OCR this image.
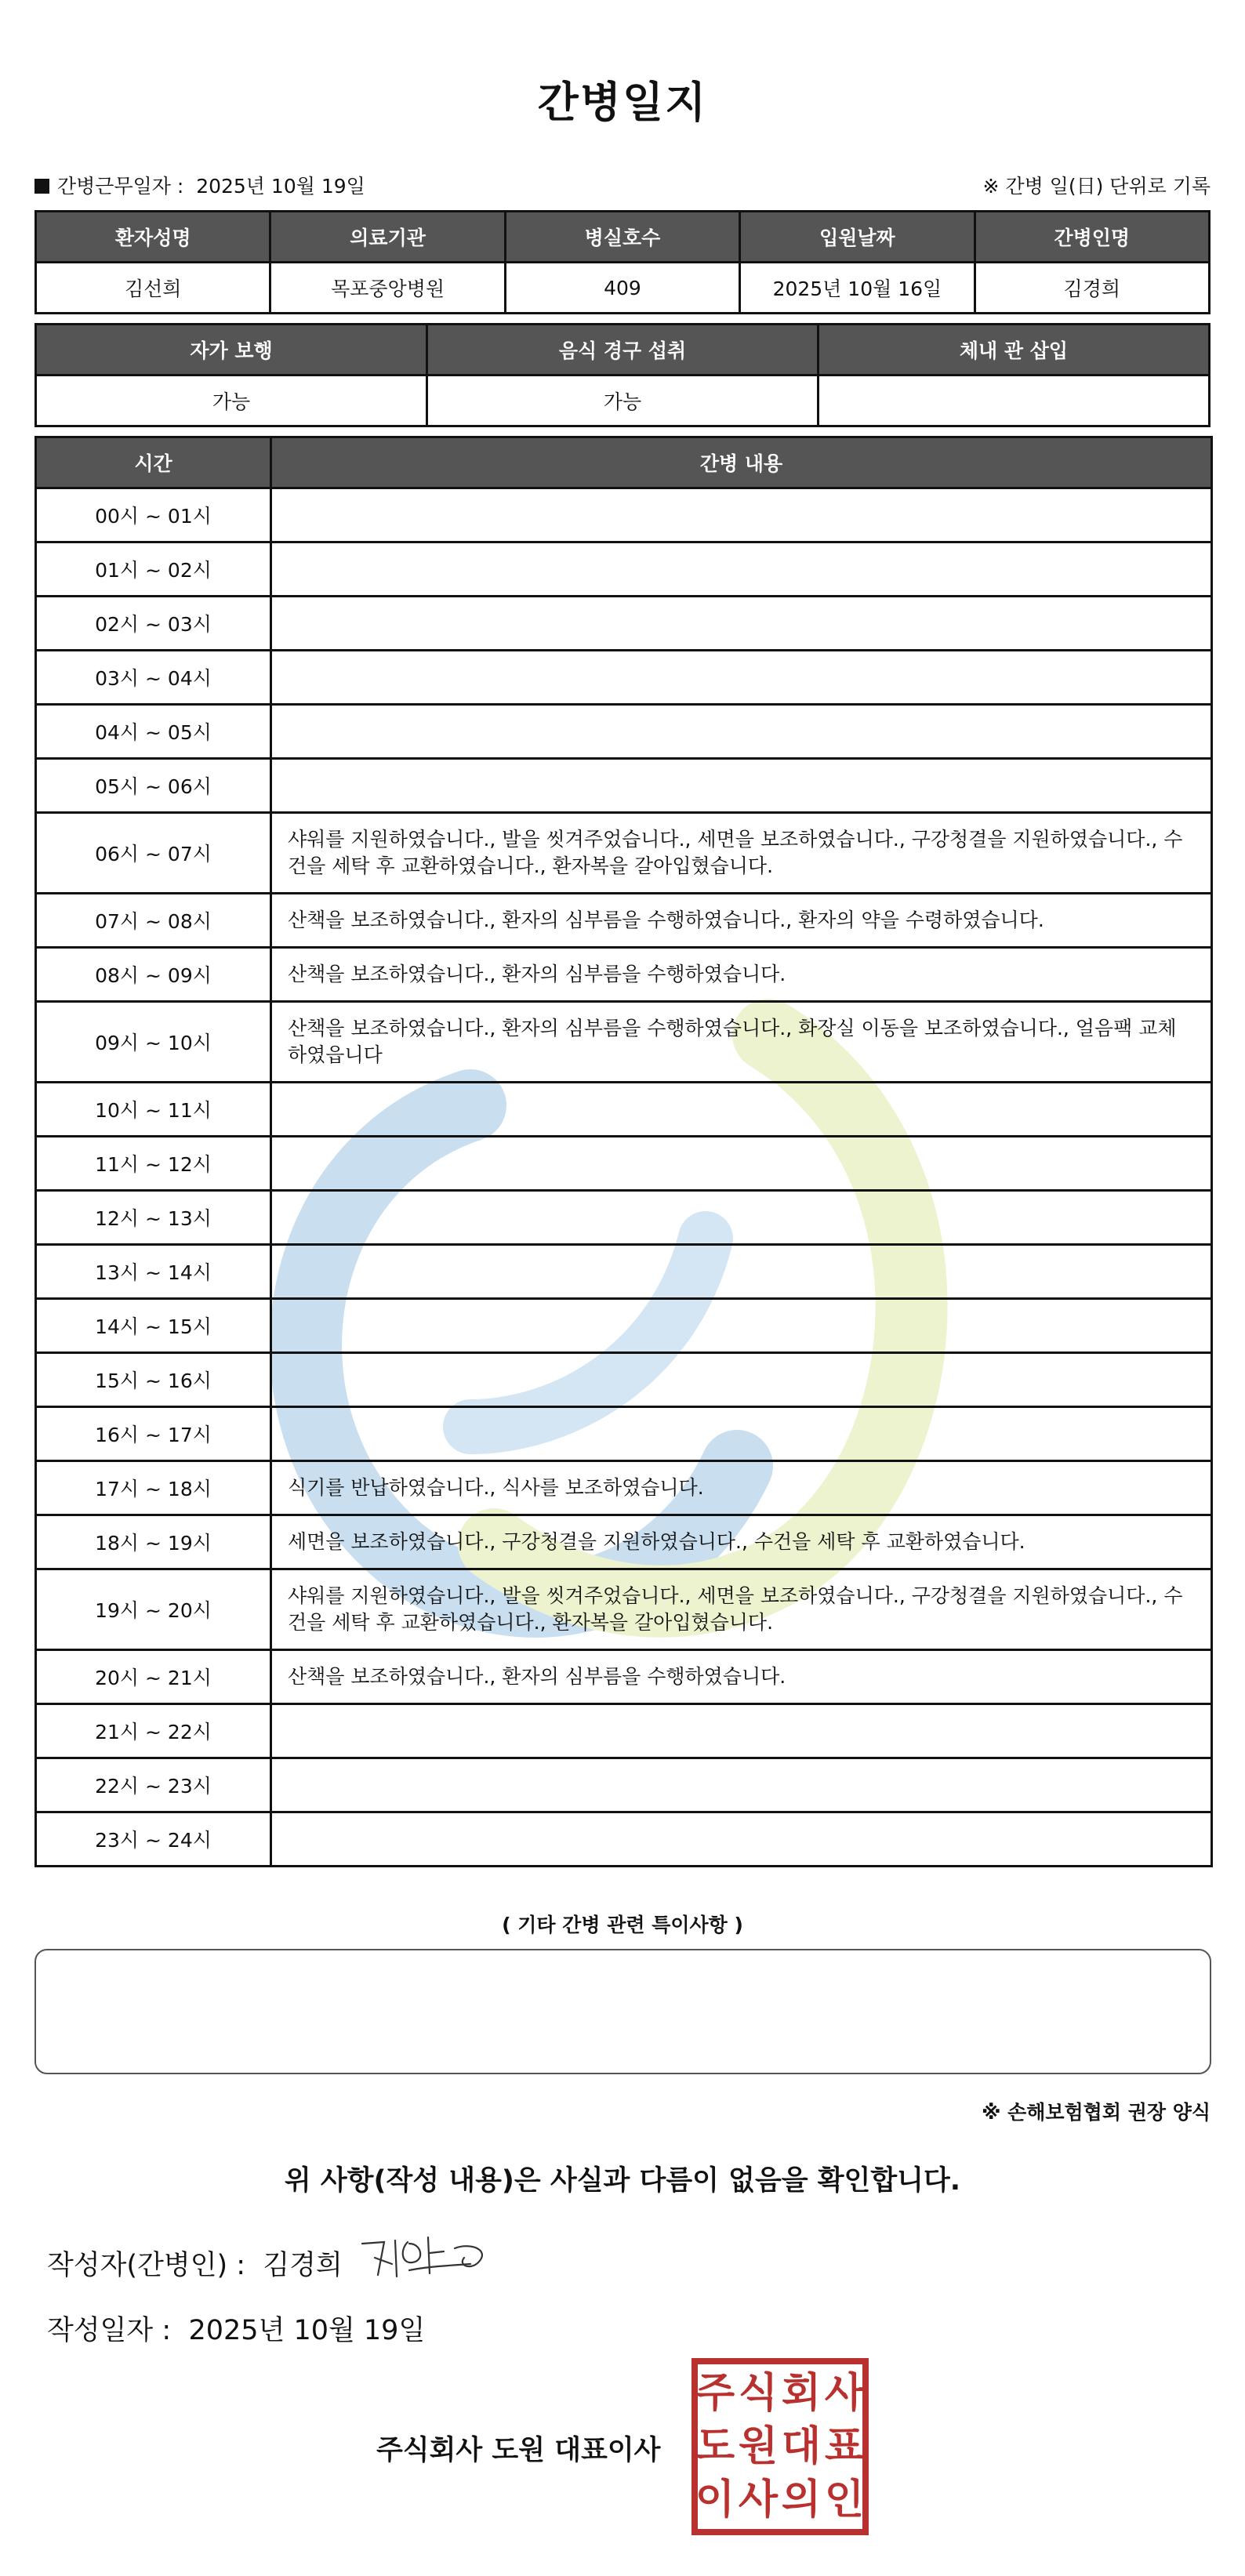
간병일지
간병근무일자 : 2025년 10월 19일	※ 간병 일(日) 단위로 기록
환자성명	의료기관	병실호수	입원날짜	간병인명
김선희	목포중앙병원	409	2025년 10월 16일	김경희
자가 보행	음식 경구 섭취	체내 관 삽입
가능	가능	
시간	간병 내용
00시 ~ 01시	
01시 ~ 02시	
02시 ~ 03시	
03시 ~ 04시	
04시 ~ 05시	
05시 ~ 06시	
06시 ~ 07시	샤워를 지원하였습니다., 발을 씻겨주었습니다., 세면을 보조하였습니다., 구강청결을 지원하였습니다., 수건을 세탁 후 교환하였습니다., 환자복을 갈아입혔습니다.
07시 ~ 08시	산책을 보조하였습니다., 환자의 심부름을 수행하였습니다., 환자의 약을 수령하였습니다.
08시 ~ 09시	산책을 보조하였습니다., 환자의 심부름을 수행하였습니다.
09시 ~ 10시	산책을 보조하였습니다., 환자의 심부름을 수행하였습니다., 화장실 이동을 보조하였습니다., 얼음팩 교체 하였읍니다
10시 ~ 11시	
11시 ~ 12시	
12시 ~ 13시	
13시 ~ 14시	
14시 ~ 15시	
15시 ~ 16시	
16시 ~ 17시	
17시 ~ 18시	식기를 반납하였습니다., 식사를 보조하였습니다.
18시 ~ 19시	세면을 보조하였습니다., 구강청결을 지원하였습니다., 수건을 세탁 후 교환하였습니다.
19시 ~ 20시	샤워를 지원하였습니다., 발을 씻겨주었습니다., 세면을 보조하였습니다., 구강청결을 지원하였습니다., 수건을 세탁 후 교환하였습니다., 환자복을 갈아입혔습니다.
20시 ~ 21시	산책을 보조하였습니다., 환자의 심부름을 수행하였습니다.
21시 ~ 22시	
22시 ~ 23시	
23시 ~ 24시	
( 기타 간병 관련 특이사항 )
※ 손해보험협회 권장 양식
위 사항(작성 내용)은 사실과 다름이 없음을 확인합니다.
작성자(간병인) : 김경희
작성일자 : 2025년 10월 19일
주식회사 도원 대표이사
주 식 회 사
도 원 대 표
이 사 의 인
